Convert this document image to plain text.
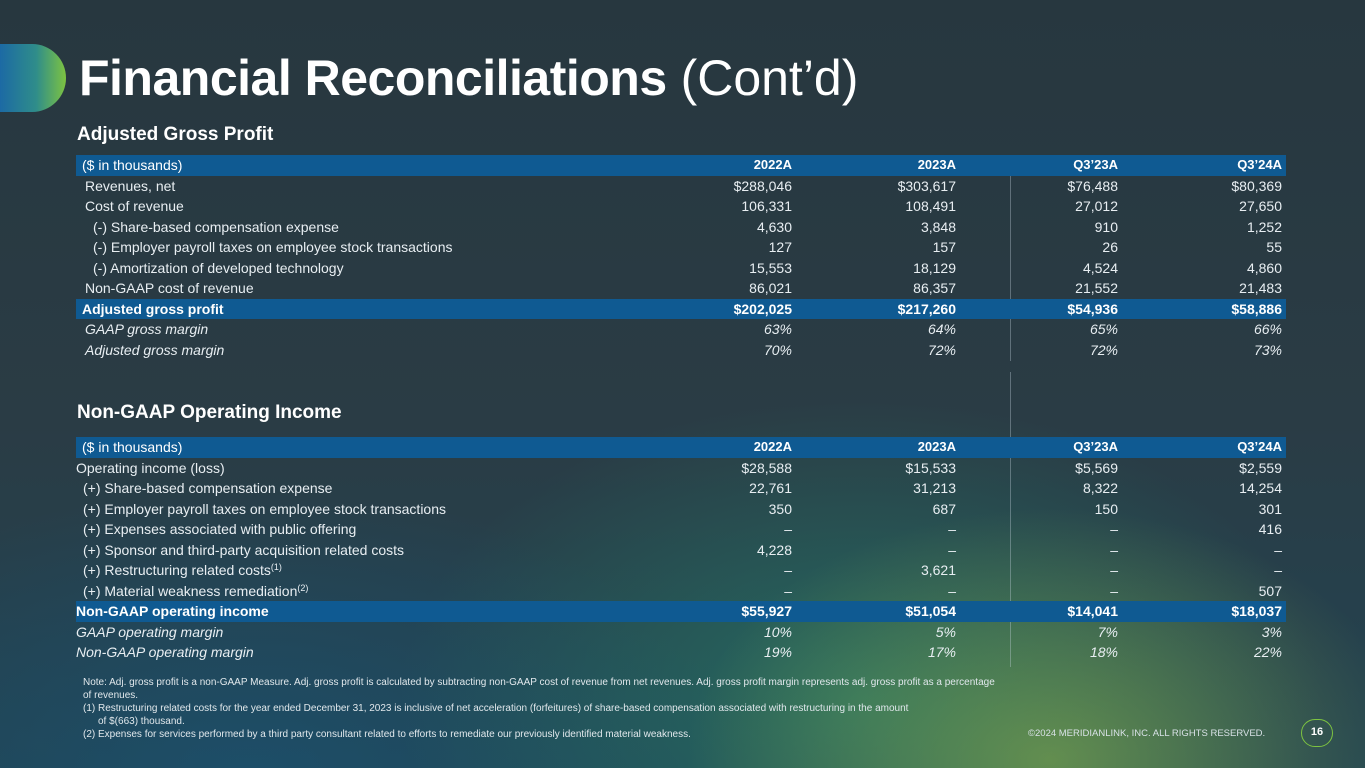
Financial Reconciliations (Cont’d)
Adjusted Gross Profit
($ in thousands)	2022A	2023A	Q3’23A	Q3’24A
Revenues, net	$288,046	$303,617	$76,488	$80,369
Cost of revenue	106,331	108,491	27,012	27,650
(-) Share-based compensation expense	4,630	3,848	910	1,252
(-) Employer payroll taxes on employee stock transactions	127	157	26	55
(-) Amortization of developed technology	15,553	18,129	4,524	4,860
Non-GAAP cost of revenue	86,021	86,357	21,552	21,483
Adjusted gross profit	$202,025	$217,260	$54,936	$58,886
GAAP gross margin	63%	64%	65%	66%
Adjusted gross margin	70%	72%	72%	73%
Non-GAAP Operating Income
($ in thousands)	2022A	2023A	Q3’23A	Q3’24A
Operating income (loss)	$28,588	$15,533	$5,569	$2,559
(+) Share-based compensation expense	22,761	31,213	8,322	14,254
(+) Employer payroll taxes on employee stock transactions	350	687	150	301
(+) Expenses associated with public offering	–	–	–	416
(+) Sponsor and third-party acquisition related costs	4,228	–	–	–
(+) Restructuring related costs$^{(1)}$	–	3,621	–	–
(+) Material weakness remediation$^{(2)}$	–	–	–	507
Non-GAAP operating income	$55,927	$51,054	$14,041	$18,037
GAAP operating margin	10%	5%	7%	3%
Non-GAAP operating margin	19%	17%	18%	22%
Note: Adj. gross profit is a non-GAAP Measure. Adj. gross profit is calculated by subtracting non-GAAP cost of revenue from net revenues. Adj. gross profit margin represents adj. gross profit as a percentage of revenues.
(1) Restructuring related costs for the year ended December 31, 2023 is inclusive of net acceleration (forfeitures) of share-based compensation associated with restructuring in the amount
of $(663) thousand.
(2) Expenses for services performed by a third party consultant related to efforts to remediate our previously identified material weakness.	©2024 MERIDIANLINK, INC. ALL RIGHTS RESERVED.	16
